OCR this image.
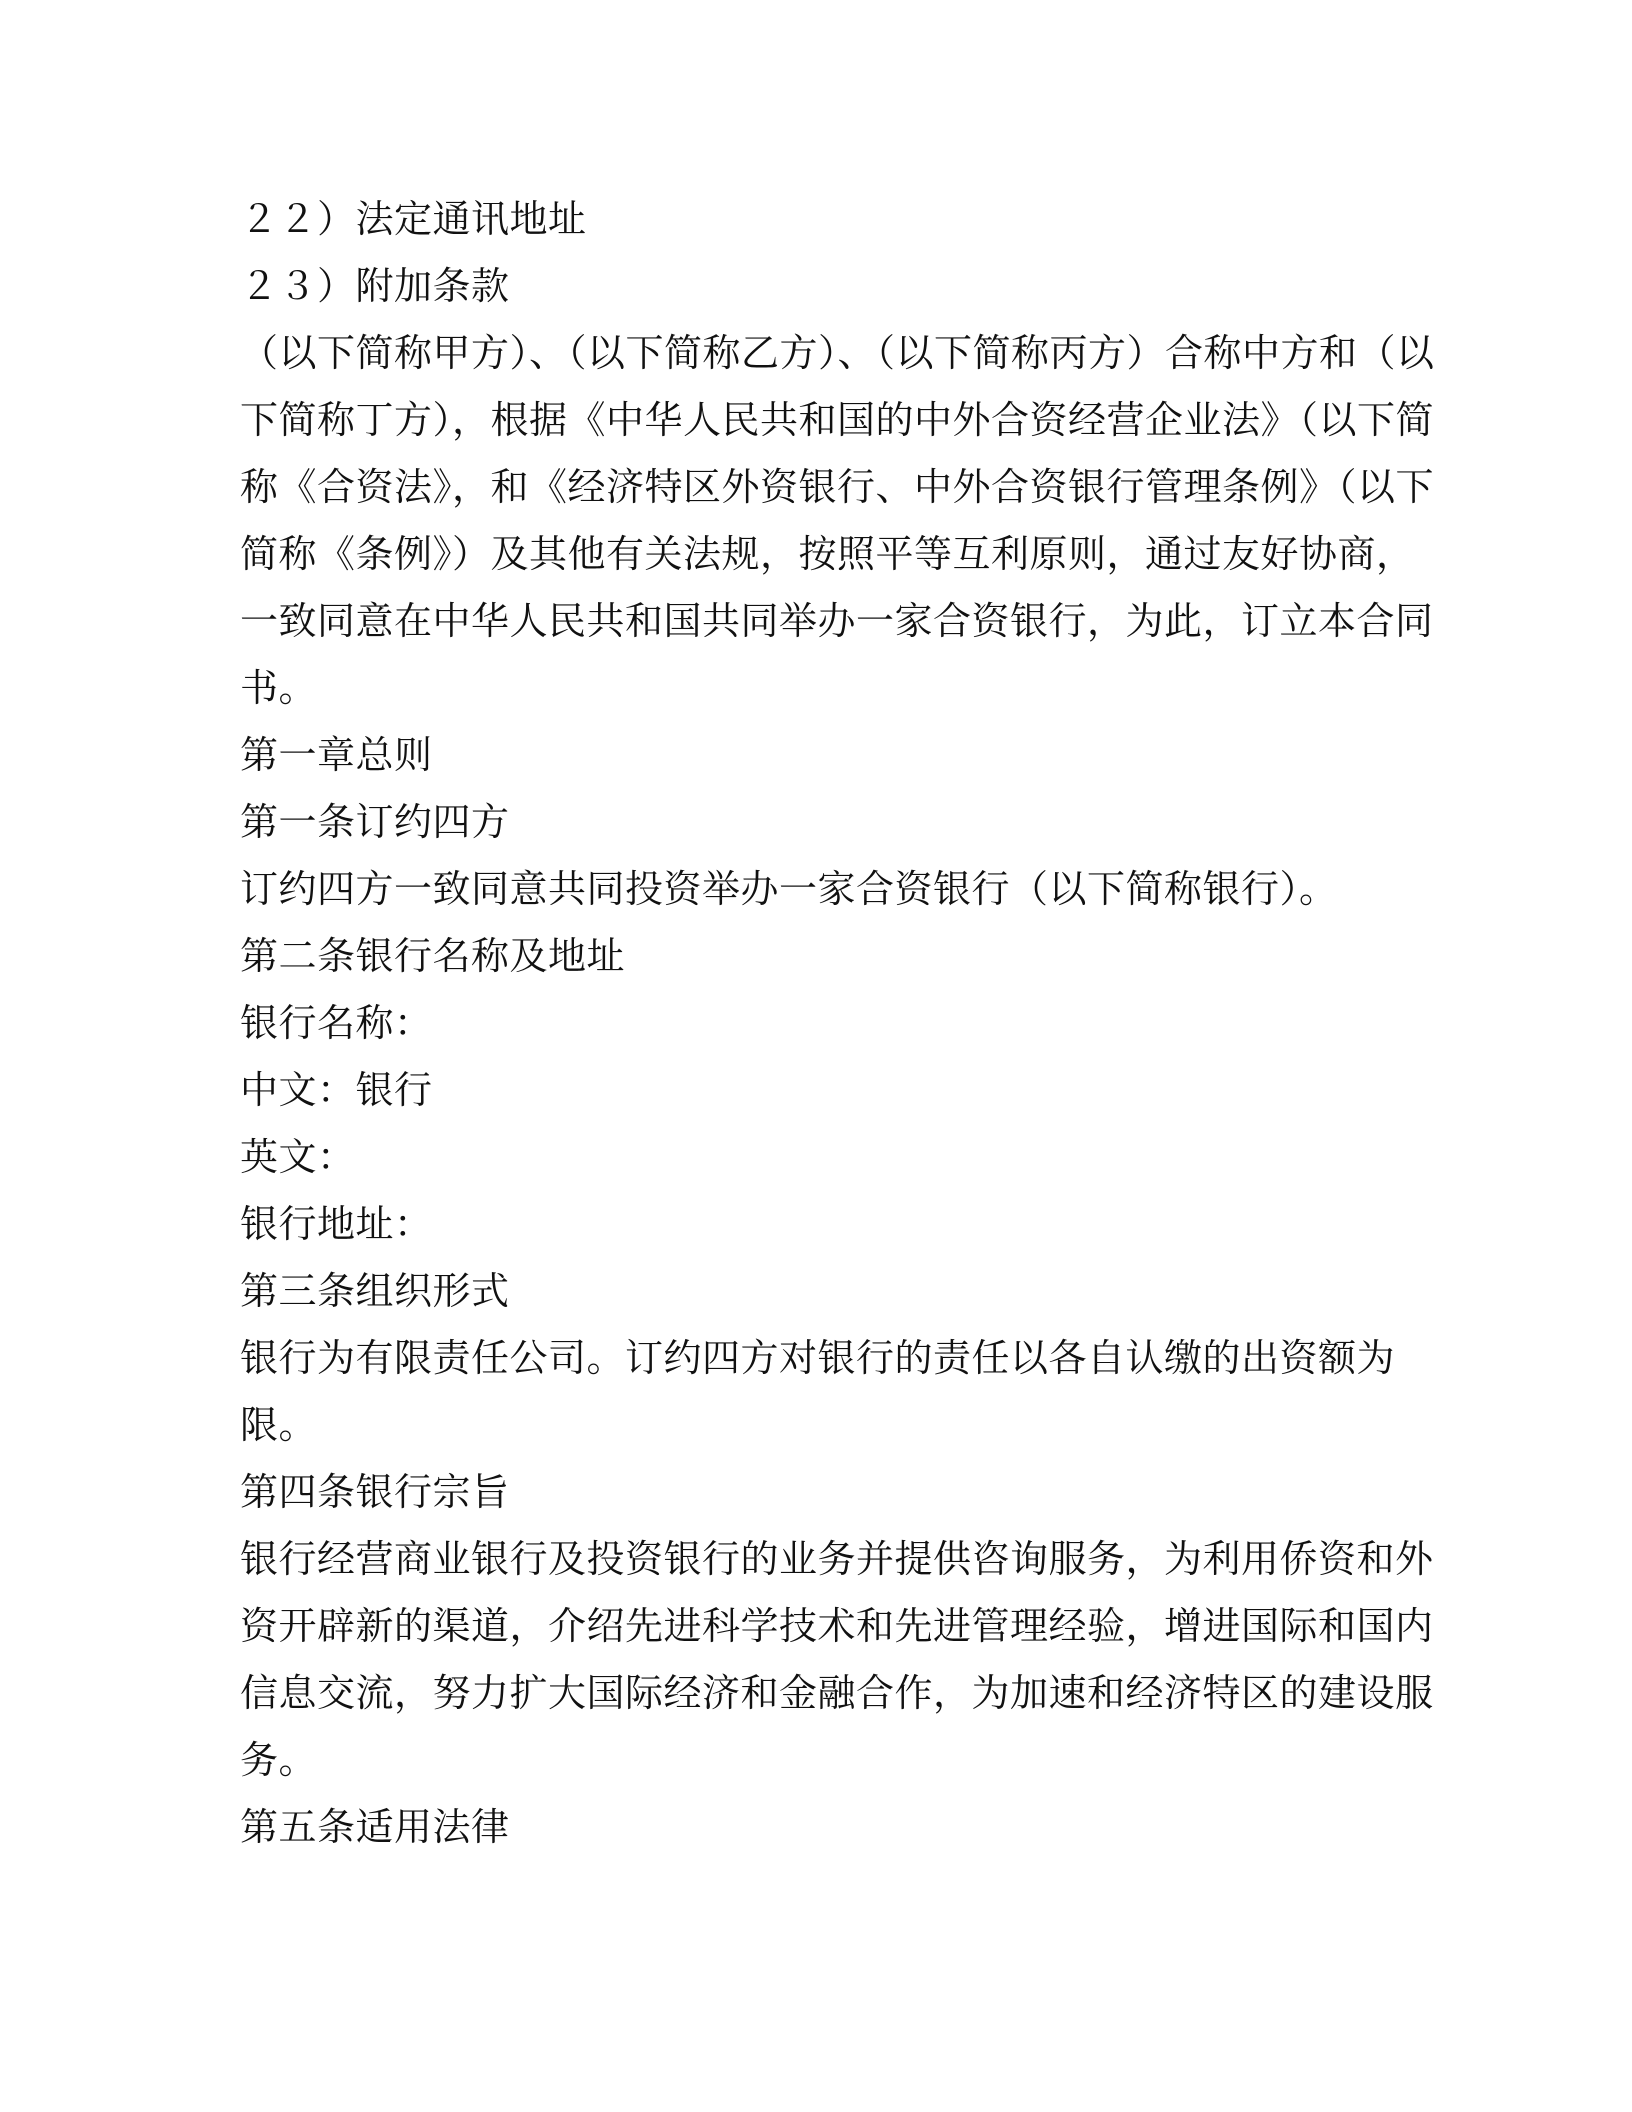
２２）法定通讯地址

２３）附加条款

（以下简称甲方）、（以下简称乙方）、（以下简称丙方）合称中方和（以

下简称丁方），根据《中华人民共和国的中外合资经营企业法》（以下简

称《合资法》，和《经济特区外资银行、中外合资银行管理条例》（以下

简称《条例》）及其他有关法规，按照平等互利原则，通过友好协商，

一致同意在中华人民共和国共同举办一家合资银行，为此，订立本合同

书。

第一章总则

第一条订约四方

订约四方一致同意共同投资举办一家合资银行（以下简称银行）。

第二条银行名称及地址

银行名称：

中文：银行

英文：

银行地址：

第三条组织形式

银行为有限责任公司。订约四方对银行的责任以各自认缴的出资额为

限。

第四条银行宗旨

银行经营商业银行及投资银行的业务并提供咨询服务，为利用侨资和外

资开辟新的渠道，介绍先进科学技术和先进管理经验，增进国际和国内

信息交流，努力扩大国际经济和金融合作，为加速和经济特区的建设服

务。

第五条适用法律
